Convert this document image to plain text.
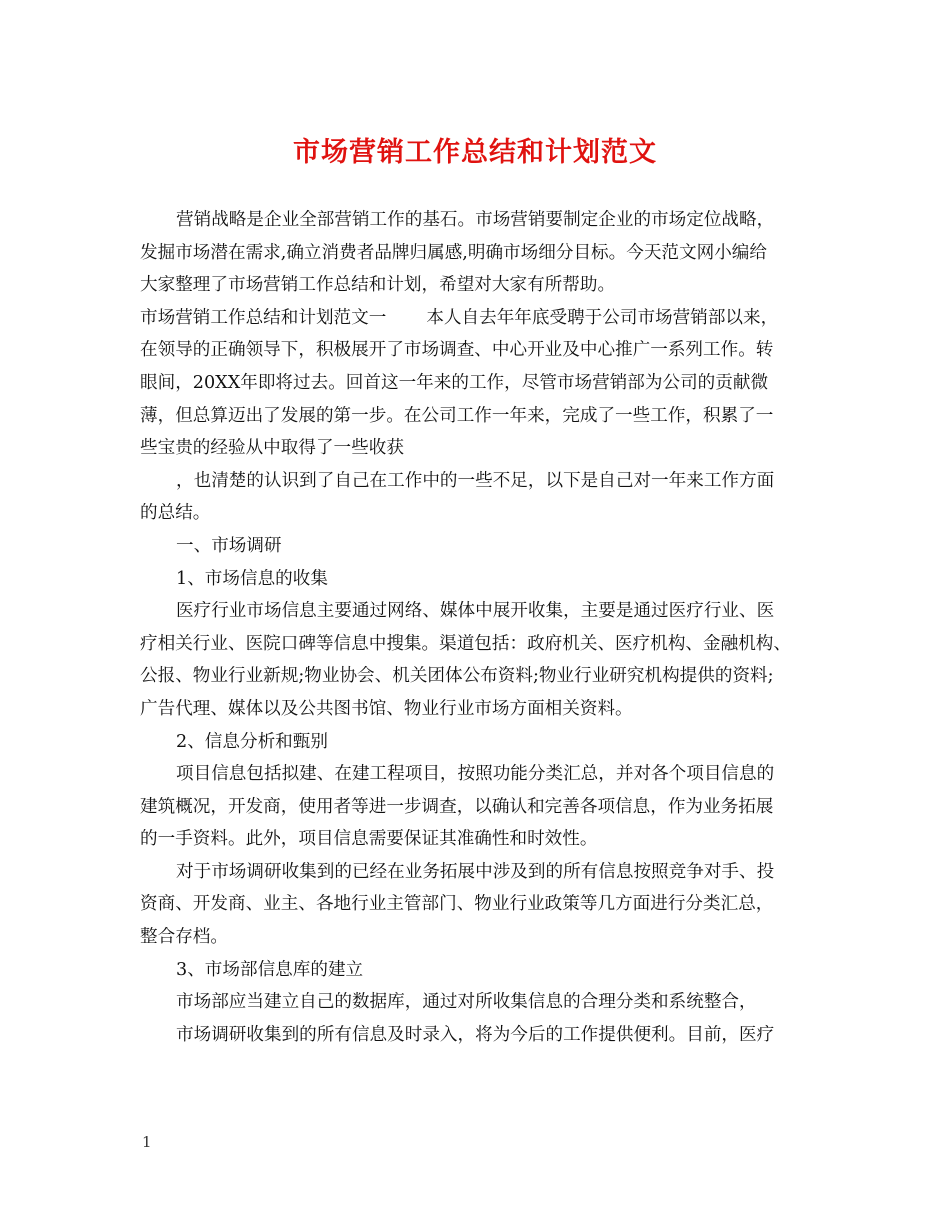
市场营销工作总结和计划范文
营销战略是企业全部营销工作的基石。市场营销要制定企业的市场定位战略，
发掘市场潜在需求,确立消费者品牌归属感,明确市场细分目标。今天范文网小编给
大家整理了市场营销工作总结和计划，希望对大家有所帮助。
市场营销工作总结和计划范文一 本人自去年年底受聘于公司市场营销部以来，
在领导的正确领导下，积极展开了市场调查、中心开业及中心推广一系列工作。转
眼间，20XX年即将过去。回首这一年来的工作，尽管市场营销部为公司的贡献微
薄，但总算迈出了发展的第一步。在公司工作一年来，完成了一些工作，积累了一
些宝贵的经验从中取得了一些收获
，也清楚的认识到了自己在工作中的一些不足，以下是自己对一年来工作方面
的总结。
一、市场调研
1、市场信息的收集
医疗行业市场信息主要通过网络、媒体中展开收集，主要是通过医疗行业、医
疗相关行业、医院口碑等信息中搜集。渠道包括：政府机关、医疗机构、金融机构、
公报、物业行业新规;物业协会、机关团体公布资料;物业行业研究机构提供的资料;
广告代理、媒体以及公共图书馆、物业行业市场方面相关资料。
2、信息分析和甄别
项目信息包括拟建、在建工程项目，按照功能分类汇总，并对各个项目信息的
建筑概况，开发商，使用者等进一步调查，以确认和完善各项信息，作为业务拓展
的一手资料。此外，项目信息需要保证其准确性和时效性。
对于市场调研收集到的已经在业务拓展中涉及到的所有信息按照竞争对手、投
资商、开发商、业主、各地行业主管部门、物业行业政策等几方面进行分类汇总，
整合存档。
3、市场部信息库的建立
市场部应当建立自己的数据库，通过对所收集信息的合理分类和系统整合，
市场调研收集到的所有信息及时录入，将为今后的工作提供便利。目前，医疗
1
